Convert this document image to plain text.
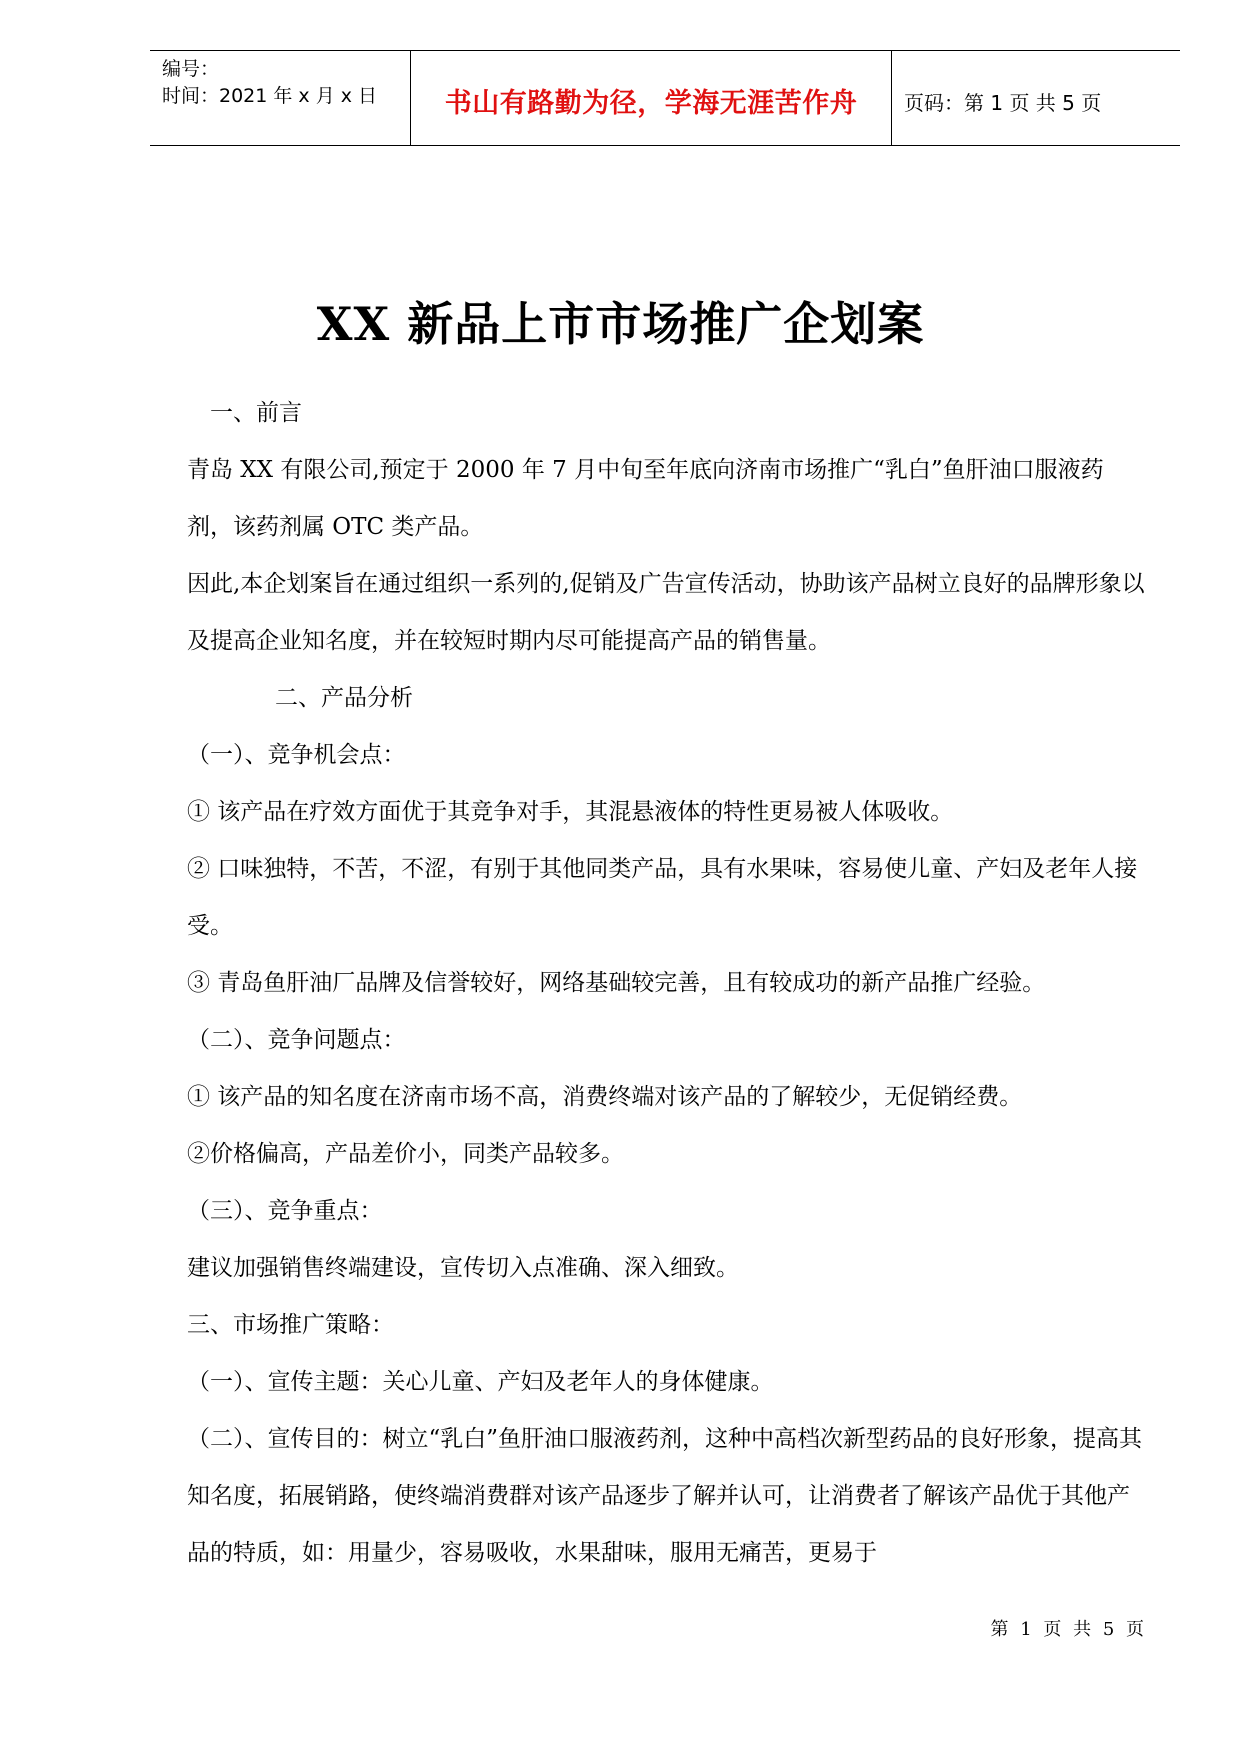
编号：
时间：2021 年 x 月 x 日	书山有路勤为径，学海无涯苦作舟	页码：第 1 页 共 5 页
XX 新品上市市场推广企划案

一、前言

青岛 XX 有限公司,预定于 2000 年 7 月中旬至年底向济南市场推广“乳白”鱼肝油口服液药剂，该药剂属 OTC 类产品。

因此,本企划案旨在通过组织一系列的,促销及广告宣传活动，协助该产品树立良好的品牌形象以及提高企业知名度，并在较短时期内尽可能提高产品的销售量。

二、产品分析

（一）、竞争机会点：

① 该产品在疗效方面优于其竞争对手，其混悬液体的特性更易被人体吸收。

② 口味独特，不苦，不涩，有别于其他同类产品，具有水果味，容易使儿童、产妇及老年人接受。

③ 青岛鱼肝油厂品牌及信誉较好，网络基础较完善，且有较成功的新产品推广经验。

（二）、竞争问题点：

① 该产品的知名度在济南市场不高，消费终端对该产品的了解较少，无促销经费。

②价格偏高，产品差价小，同类产品较多。

（三）、竞争重点：

建议加强销售终端建设，宣传切入点准确、深入细致。

三、市场推广策略：

（一）、宣传主题：关心儿童、产妇及老年人的身体健康。

（二）、宣传目的：树立“乳白”鱼肝油口服液药剂，这种中高档次新型药品的良好形象，提高其知名度，拓展销路，使终端消费群对该产品逐步了解并认可，让消费者了解该产品优于其他产品的特质，如：用量少，容易吸收，水果甜味，服用无痛苦，更易于

第 1 页 共 5 页
